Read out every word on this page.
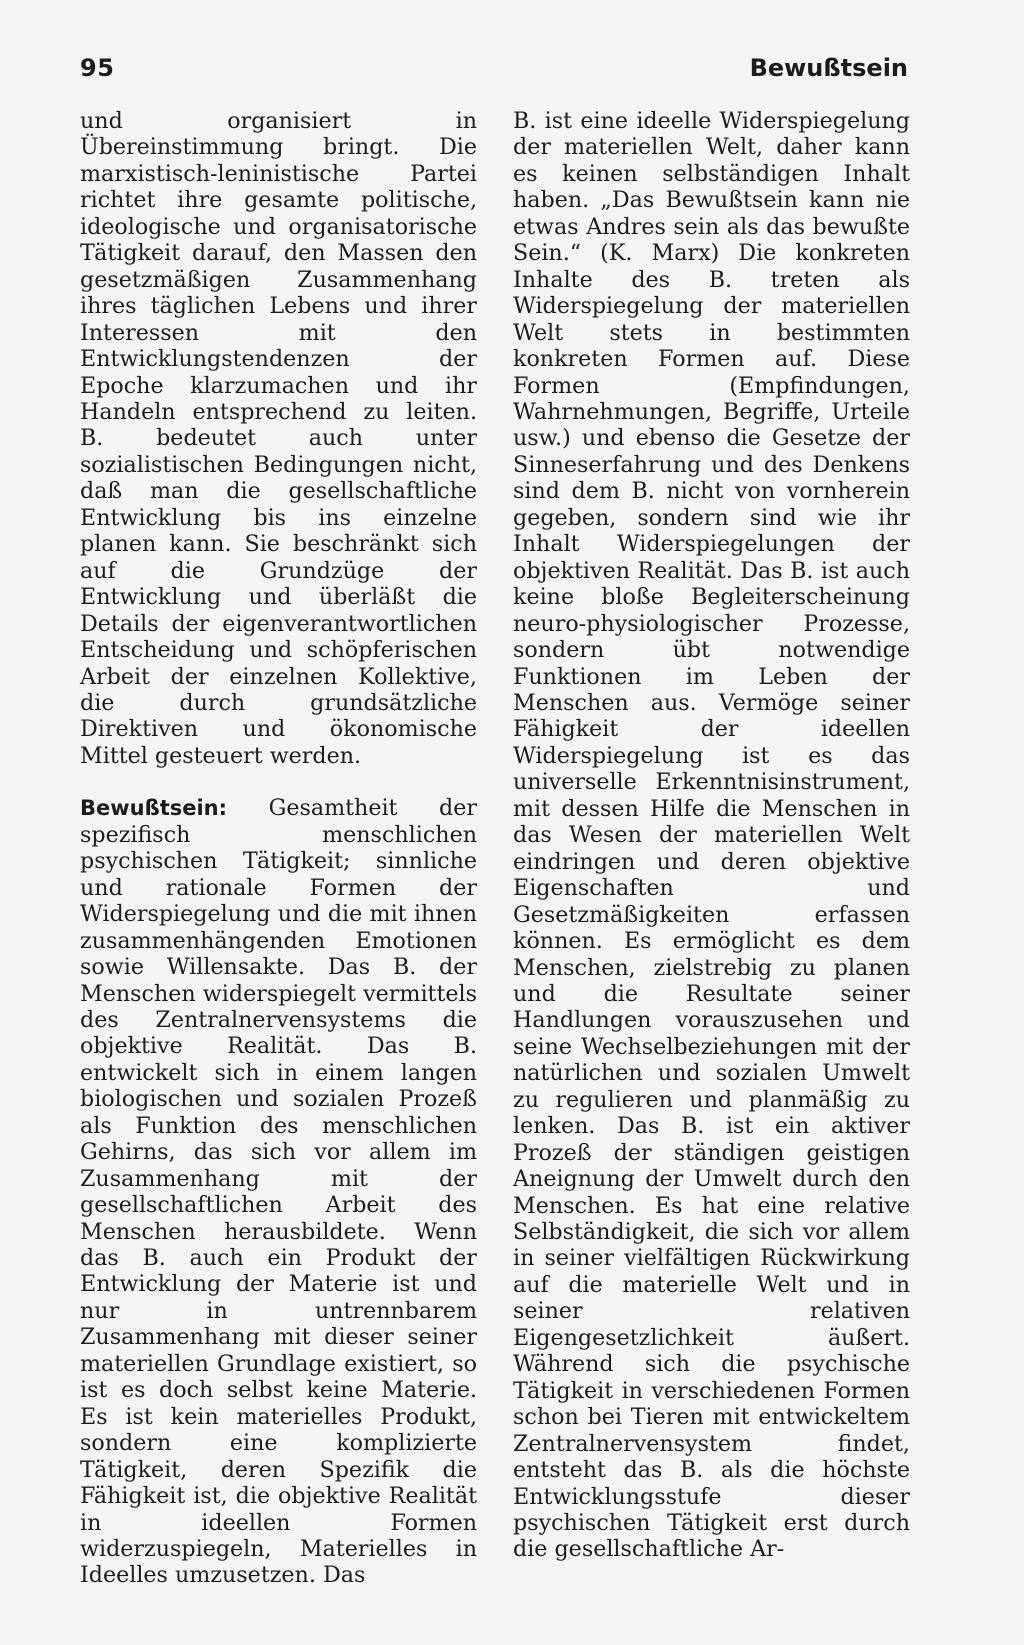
95	Bewußtsein

und organisiert in Übereinstimmung bringt. Die marxistisch-leninistische Partei richtet ihre gesamte politische, ideologische und organisatorische Tätigkeit darauf, den Massen den gesetzmäßigen Zusammenhang ihres täglichen Lebens und ihrer Interessen mit den Entwicklungstendenzen der Epoche klarzumachen und ihr Handeln entsprechend zu leiten. B. bedeutet auch unter sozialistischen Bedingungen nicht, daß man die gesellschaftliche Entwicklung bis ins einzelne planen kann. Sie beschränkt sich auf die Grundzüge der Entwicklung und überläßt die Details der eigenverantwortlichen Entscheidung und schöpferischen Arbeit der einzelnen Kollektive, die durch grundsätzliche Direktiven und ökonomische Mittel gesteuert werden.

Bewußtsein: Gesamtheit der spezifisch menschlichen psychischen Tätigkeit; sinnliche und rationale Formen der Widerspiegelung und die mit ihnen zusammenhängenden Emotionen sowie Willensakte. Das B. der Menschen widerspiegelt vermittels des Zentralnervensystems die objektive Realität. Das B. entwickelt sich in einem langen biologischen und sozialen Prozeß als Funktion des menschlichen Gehirns, das sich vor allem im Zusammenhang mit der gesellschaftlichen Arbeit des Menschen herausbildete. Wenn das B. auch ein Produkt der Entwicklung der Materie ist und nur in untrennbarem Zusammenhang mit dieser seiner materiellen Grundlage existiert, so ist es doch selbst keine Materie. Es ist kein materielles Produkt, sondern eine komplizierte Tätigkeit, deren Spezifik die Fähigkeit ist, die objektive Realität in ideellen Formen widerzuspiegeln, Materielles in Ideelles umzusetzen. Das

B. ist eine ideelle Widerspiegelung der materiellen Welt, daher kann es keinen selbständigen Inhalt haben. „Das Bewußtsein kann nie etwas Andres sein als das bewußte Sein.“ (K. Marx) Die konkreten Inhalte des B. treten als Widerspiegelung der materiellen Welt stets in bestimmten konkreten Formen auf. Diese Formen (Empfindungen, Wahrnehmungen, Begriffe, Urteile usw.) und ebenso die Gesetze der Sinneserfahrung und des Denkens sind dem B. nicht von vornherein gegeben, sondern sind wie ihr Inhalt Widerspiegelungen der objektiven Realität. Das B. ist auch keine bloße Begleiterscheinung neuro-physiologischer Prozesse, sondern übt notwendige Funktionen im Leben der Menschen aus. Vermöge seiner Fähigkeit der ideellen Widerspiegelung ist es das universelle Erkenntnisinstrument, mit dessen Hilfe die Menschen in das Wesen der materiellen Welt eindringen und deren objektive Eigenschaften und Gesetzmäßigkeiten erfassen können. Es ermöglicht es dem Menschen, zielstrebig zu planen und die Resultate seiner Handlungen vorauszusehen und seine Wechselbeziehungen mit der natürlichen und sozialen Umwelt zu regulieren und planmäßig zu lenken. Das B. ist ein aktiver Prozeß der ständigen geistigen Aneignung der Umwelt durch den Menschen. Es hat eine relative Selbständigkeit, die sich vor allem in seiner vielfältigen Rückwirkung auf die materielle Welt und in seiner relativen Eigengesetzlichkeit äußert. Während sich die psychische Tätigkeit in verschiedenen Formen schon bei Tieren mit entwickeltem Zentralnervensystem findet, entsteht das B. als die höchste Entwicklungsstufe dieser psychischen Tätigkeit erst durch die gesellschaftliche Ar-
